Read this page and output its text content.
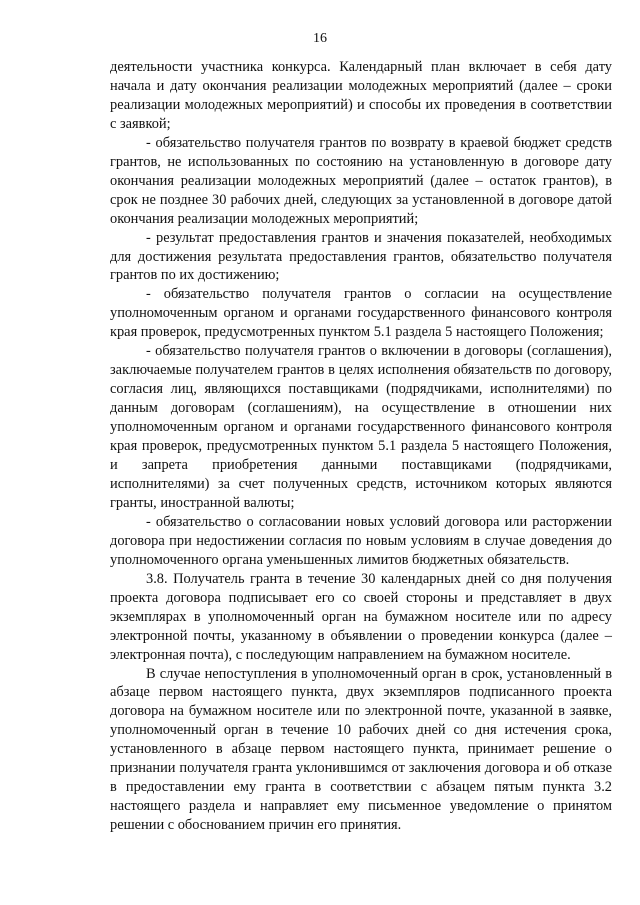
16

деятельности участника конкурса. Календарный план включает в себя дату начала и дату окончания реализации молодежных мероприятий (далее – сроки реализации молодежных мероприятий) и способы их проведения в соответствии с заявкой;

- обязательство получателя грантов по возврату в краевой бюджет средств грантов, не использованных по состоянию на установленную в договоре дату окончания реализации молодежных мероприятий (далее – остаток грантов), в срок не позднее 30 рабочих дней, следующих за установленной в договоре датой окончания реализации молодежных мероприятий;

- результат предоставления грантов и значения показателей, необходимых для достижения результата предоставления грантов, обязательство получателя грантов по их достижению;

- обязательство получателя грантов о согласии на осуществление уполномоченным органом и органами государственного финансового контроля края проверок, предусмотренных пунктом 5.1 раздела 5 настоящего Положения;

- обязательство получателя грантов о включении в договоры (соглашения), заключаемые получателем грантов в целях исполнения обязательств по договору, согласия лиц, являющихся поставщиками (подрядчиками, исполнителями) по данным договорам (соглашениям), на осуществление в отношении них уполномоченным органом и органами государственного финансового контроля края проверок, предусмотренных пунктом 5.1 раздела 5 настоящего Положения, и запрета приобретения данными поставщиками (подрядчиками, исполнителями) за счет полученных средств, источником которых являются гранты, иностранной валюты;

- обязательство о согласовании новых условий договора или расторжении договора при недостижении согласия по новым условиям в случае доведения до уполномоченного органа уменьшенных лимитов бюджетных обязательств.

3.8. Получатель гранта в течение 30 календарных дней со дня получения проекта договора подписывает его со своей стороны и представляет в двух экземплярах в уполномоченный орган на бумажном носителе или по адресу электронной почты, указанному в объявлении о проведении конкурса (далее – электронная почта), с последующим направлением на бумажном носителе.

В случае непоступления в уполномоченный орган в срок, установленный в абзаце первом настоящего пункта, двух экземпляров подписанного проекта договора на бумажном носителе или по электронной почте, указанной в заявке, уполномоченный орган в течение 10 рабочих дней со дня истечения срока, установленного в абзаце первом настоящего пункта, принимает решение о признании получателя гранта уклонившимся от заключения договора и об отказе в предоставлении ему гранта в соответствии с абзацем пятым пункта 3.2 настоящего раздела и направляет ему письменное уведомление о принятом решении с обоснованием причин его принятия.
